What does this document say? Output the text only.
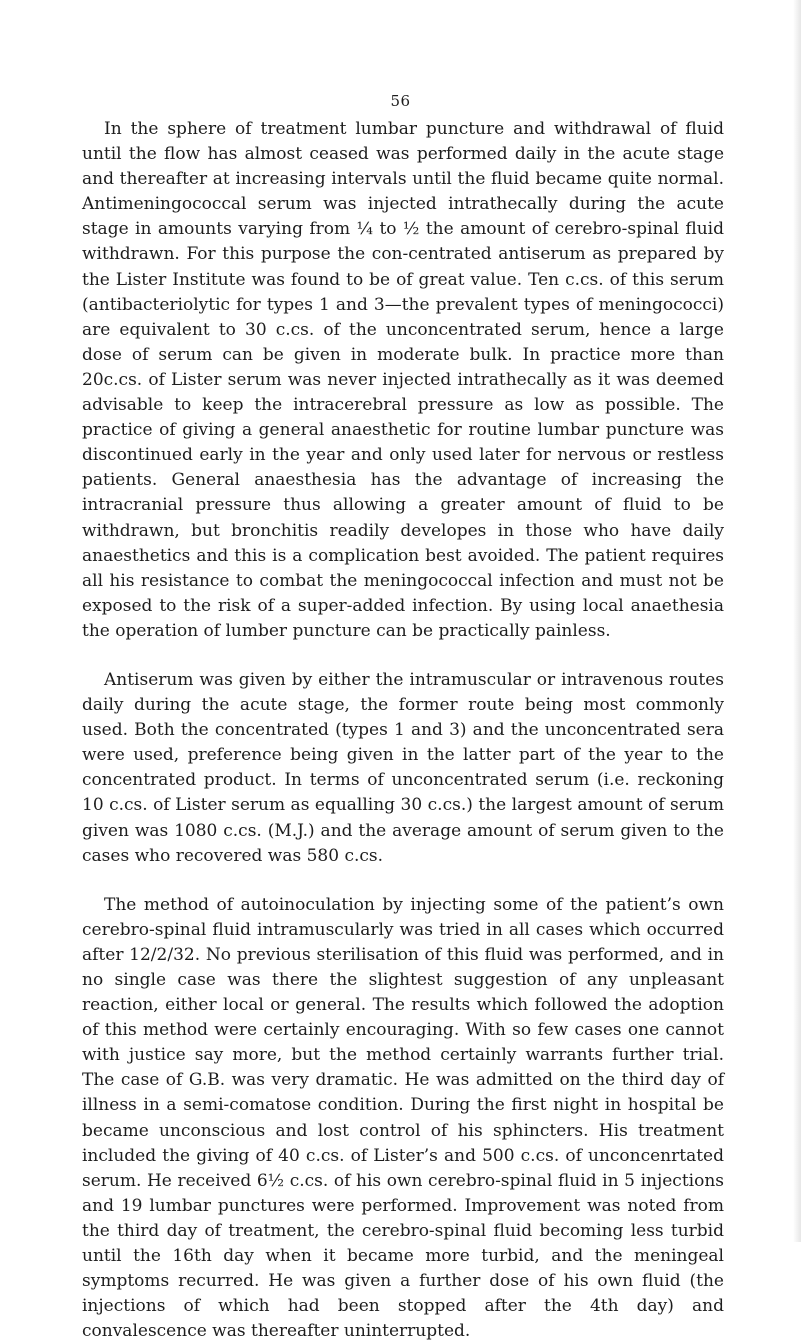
56

In the sphere of treatment lumbar puncture and withdrawal of fluid until the flow has almost ceased was performed daily in the acute stage and thereafter at increasing intervals until the fluid became quite normal. Antimeningococcal serum was injected intrathecally during the acute stage in amounts varying from ¼ to ½ the amount of cerebro-spinal fluid withdrawn. For this purpose the con-centrated antiserum as prepared by the Lister Institute was found to be of great value. Ten c.cs. of this serum (antibacteriolytic for types 1 and 3—the prevalent types of meningococci) are equivalent to 30 c.cs. of the unconcentrated serum, hence a large dose of serum can be given in moderate bulk. In practice more than 20c.cs. of Lister serum was never injected intrathecally as it was deemed advisable to keep the intracerebral pressure as low as possible. The practice of giving a general anaesthetic for routine lumbar puncture was discontinued early in the year and only used later for nervous or restless patients. General anaesthesia has the advantage of increasing the intracranial pressure thus allowing a greater amount of fluid to be withdrawn, but bronchitis readily developes in those who have daily anaesthetics and this is a complication best avoided. The patient requires all his resistance to combat the meningococcal infection and must not be exposed to the risk of a super-added infection. By using local anaethesia the operation of lumber puncture can be practically painless.

Antiserum was given by either the intramuscular or intravenous routes daily during the acute stage, the former route being most commonly used. Both the concentrated (types 1 and 3) and the unconcentrated sera were used, preference being given in the latter part of the year to the concentrated product. In terms of unconcentrated serum (i.e. reckoning 10 c.cs. of Lister serum as equalling 30 c.cs.) the largest amount of serum given was 1080 c.cs. (M.J.) and the average amount of serum given to the cases who recovered was 580 c.cs.

The method of autoinoculation by injecting some of the patient’s own cerebro-spinal fluid intramuscularly was tried in all cases which occurred after 12/2/32. No previous sterilisation of this fluid was performed, and in no single case was there the slightest suggestion of any unpleasant reaction, either local or general. The results which followed the adoption of this method were certainly encouraging. With so few cases one cannot with justice say more, but the method certainly warrants further trial. The case of G.B. was very dramatic. He was admitted on the third day of illness in a semi-comatose condition. During the first night in hospital be became unconscious and lost control of his sphincters. His treatment included the giving of 40 c.cs. of Lister’s and 500 c.cs. of unconcenrtated serum. He received 6½ c.cs. of his own cerebro-spinal fluid in 5 injections and 19 lumbar punctures were performed. Improvement was noted from the third day of treatment, the cerebro-spinal fluid becoming less turbid until the 16th day when it became more turbid, and the meningeal symptoms recurred. He was given a further dose of his own fluid (the injections of which had been stopped after the 4th day) and convalescence was thereafter uninterrupted.
